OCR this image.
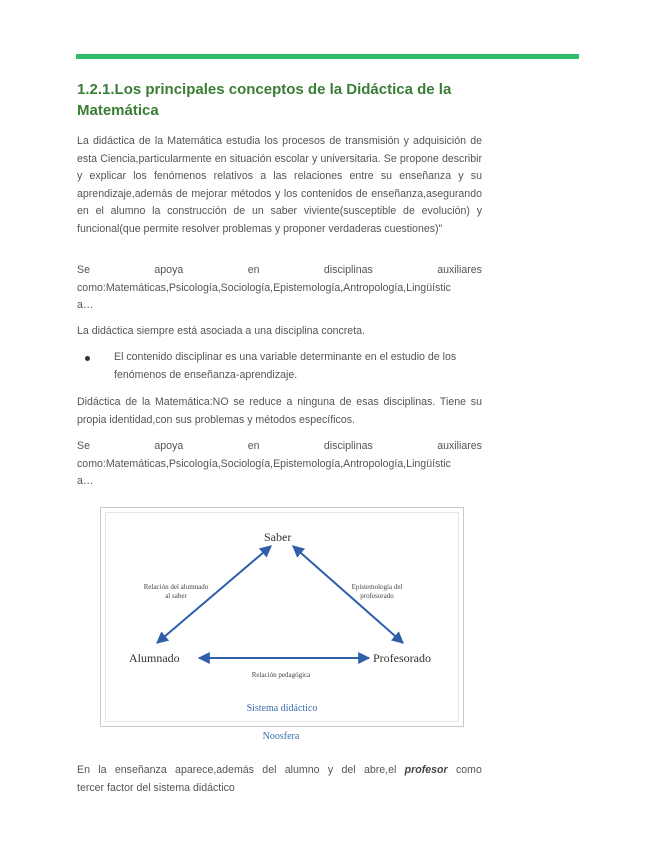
1.2.1.Los principales conceptos de la Didáctica de la Matemática

La didáctica de la Matemática estudia los procesos de transmisión y adquisición de esta Ciencia,particularmente en situación escolar y universitaria. Se propone describir y explicar los fenómenos relativos a las relaciones entre su enseñanza y su aprendizaje,además de mejorar métodos y los contenidos de enseñanza,asegurando en el alumno la construcción de un saber viviente(susceptible de evolución) y funcional(que permite resolver problemas y proponer verdaderas cuestiones)"

Se	apoya	en	disciplinas	auxiliares
como:Matemáticas,Psicología,Sociología,Epistemología,Antropología,Lingüístic
a…

La didáctica siempre está asociada a una disciplina concreta.

El contenido disciplinar es una variable determinante en el estudio de los fenómenos de enseñanza-aprendizaje.

Didáctica de la Matemática:NO se reduce a ninguna de esas disciplinas. Tiene su propia identidad,con sus problemas y métodos específicos.

Se	apoya	en	disciplinas	auxiliares
como:Matemáticas,Psicología,Sociología,Epistemología,Antropología,Lingüístic
a…
Saber
Alumnado	Profesorado
Relación del alumnado
al saber
Epistemología del
profesorado
Relación pedagógica
Sistema didáctico
Noosfera
En la enseñanza aparece,además del alumno y del abre,el profesor como
tercer factor del sistema didáctico
